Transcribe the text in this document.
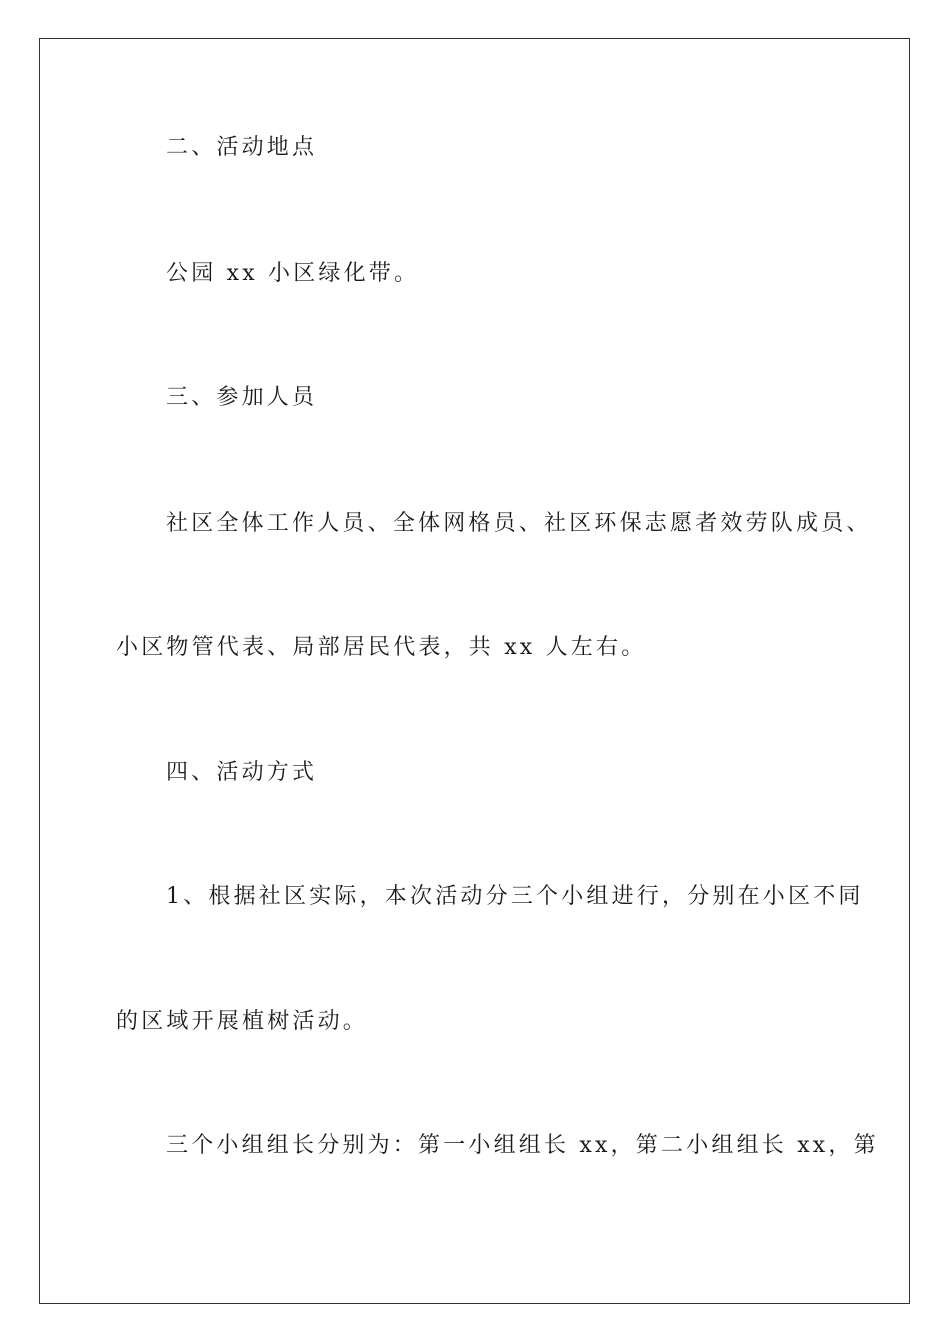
二、活动地点
公园 xx 小区绿化带。
三、参加人员
社区全体工作人员、全体网格员、社区环保志愿者效劳队成员、
小区物管代表、局部居民代表，共 xx 人左右。
四、活动方式
1、根据社区实际，本次活动分三个小组进行，分别在小区不同
的区域开展植树活动。
三个小组组长分别为：第一小组组长 xx，第二小组组长 xx，第
